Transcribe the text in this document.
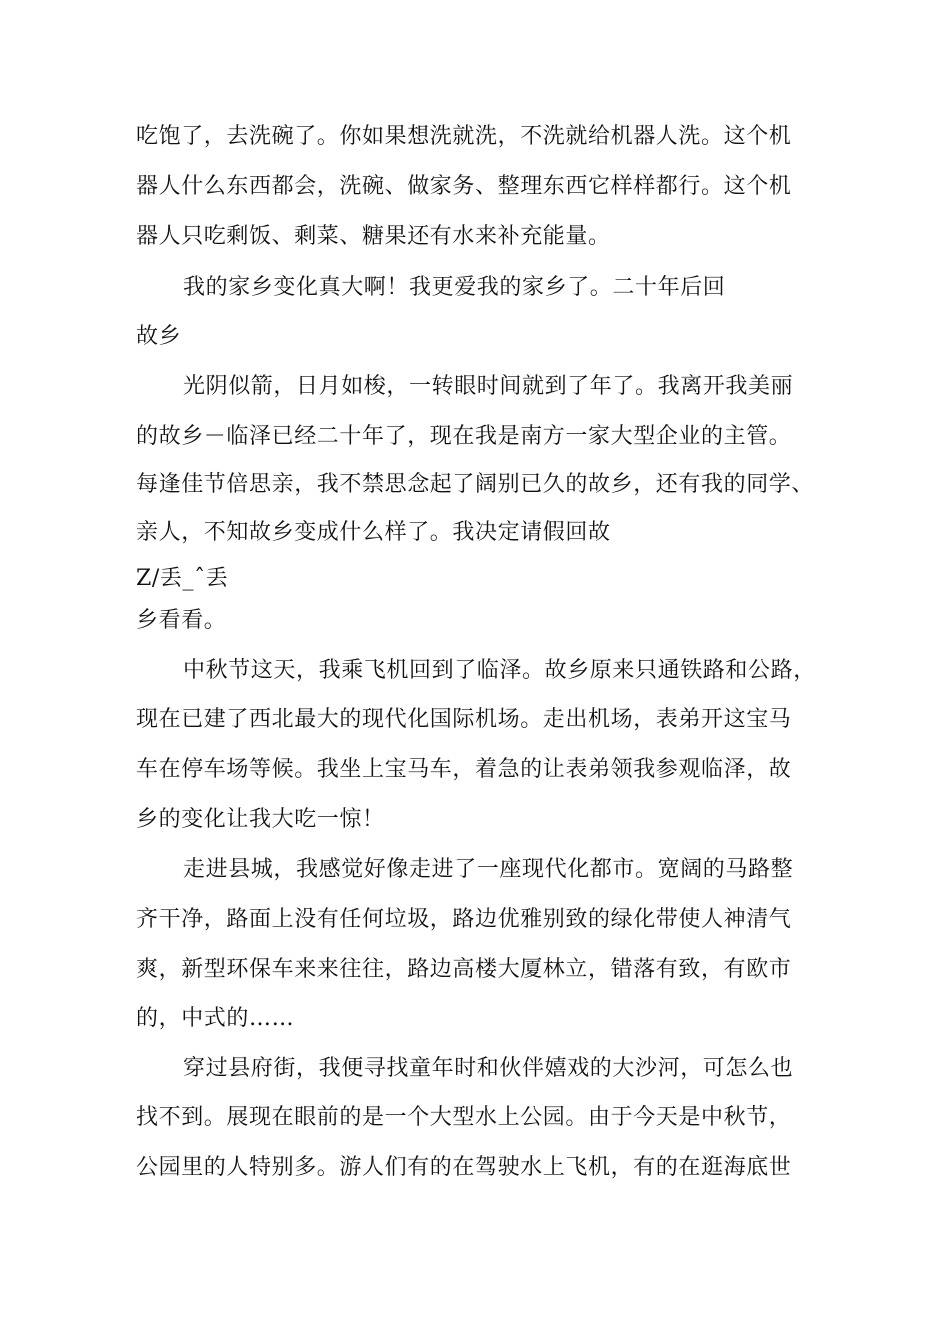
吃饱了，去洗碗了。你如果想洗就洗，不洗就给机器人洗。这个机
器人什么东西都会，洗碗、做家务、整理东西它样样都行。这个机
器人只吃剩饭、剩菜、糖果还有水来补充能量。
我的家乡变化真大啊！我更爱我的家乡了。二十年后回
故乡
光阴似箭，日月如梭，一转眼时间就到了年了。我离开我美丽
的故乡－临泽已经二十年了，现在我是南方一家大型企业的主管。
每逢佳节倍思亲，我不禁思念起了阔别已久的故乡，还有我的同学、
亲人，不知故乡变成什么样了。我决定请假回故
Z/丢_ˆ丢
乡看看。
中秋节这天，我乘飞机回到了临泽。故乡原来只通铁路和公路，
现在已建了西北最大的现代化国际机场。走出机场，表弟开这宝马
车在停车场等候。我坐上宝马车，着急的让表弟领我参观临泽，故
乡的变化让我大吃一惊！
走进县城，我感觉好像走进了一座现代化都市。宽阔的马路整
齐干净，路面上没有任何垃圾，路边优雅别致的绿化带使人神清气
爽，新型环保车来来往往，路边高楼大厦林立，错落有致，有欧市
的，中式的……
穿过县府街，我便寻找童年时和伙伴嬉戏的大沙河，可怎么也
找不到。展现在眼前的是一个大型水上公园。由于今天是中秋节，
公园里的人特别多。游人们有的在驾驶水上飞机，有的在逛海底世
